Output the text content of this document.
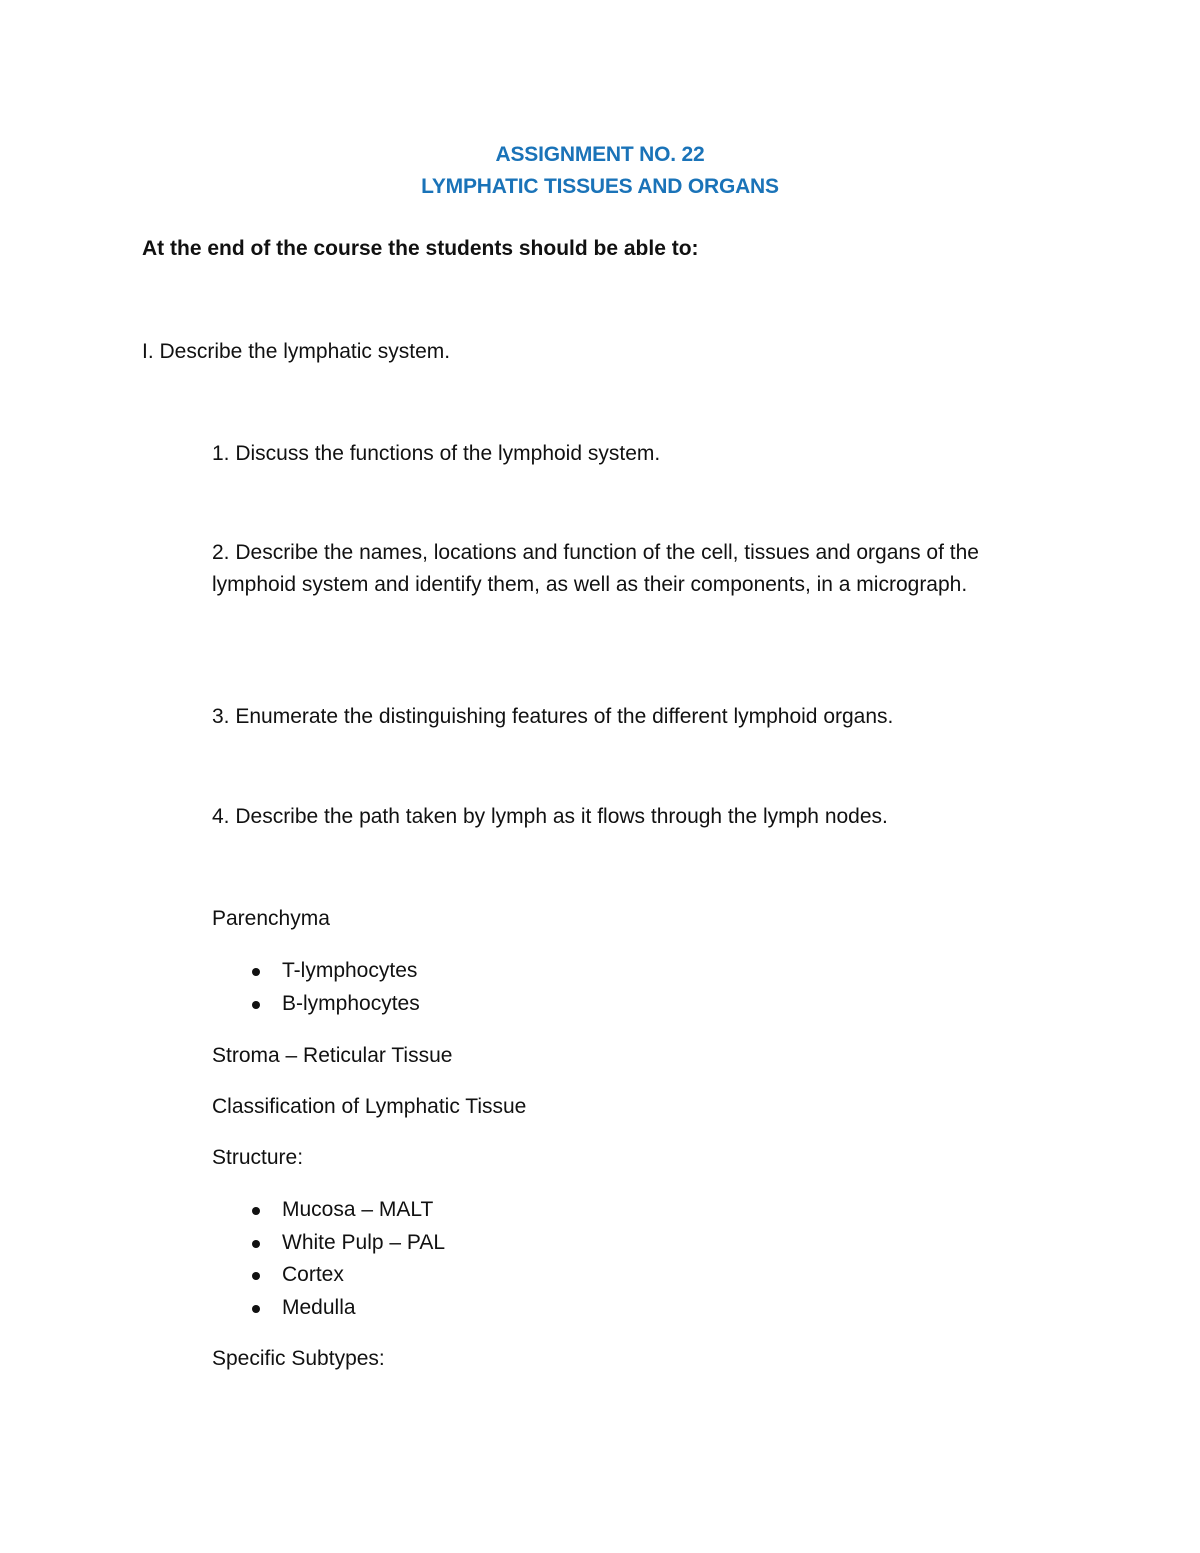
ASSIGNMENT NO. 22
LYMPHATIC TISSUES AND ORGANS
At the end of the course the students should be able to:
I. Describe the lymphatic system.
1. Discuss the functions of the lymphoid system.
2. Describe the names, locations and function of the cell, tissues and organs of the lymphoid system and identify them, as well as their components, in a micrograph.
3. Enumerate the distinguishing features of the different lymphoid organs.
4. Describe the path taken by lymph as it flows through the lymph nodes.
Parenchyma
T-lymphocytes
B-lymphocytes
Stroma – Reticular Tissue
Classification of Lymphatic Tissue
Structure:
Mucosa – MALT
White Pulp – PAL
Cortex
Medulla
Specific Subtypes:
